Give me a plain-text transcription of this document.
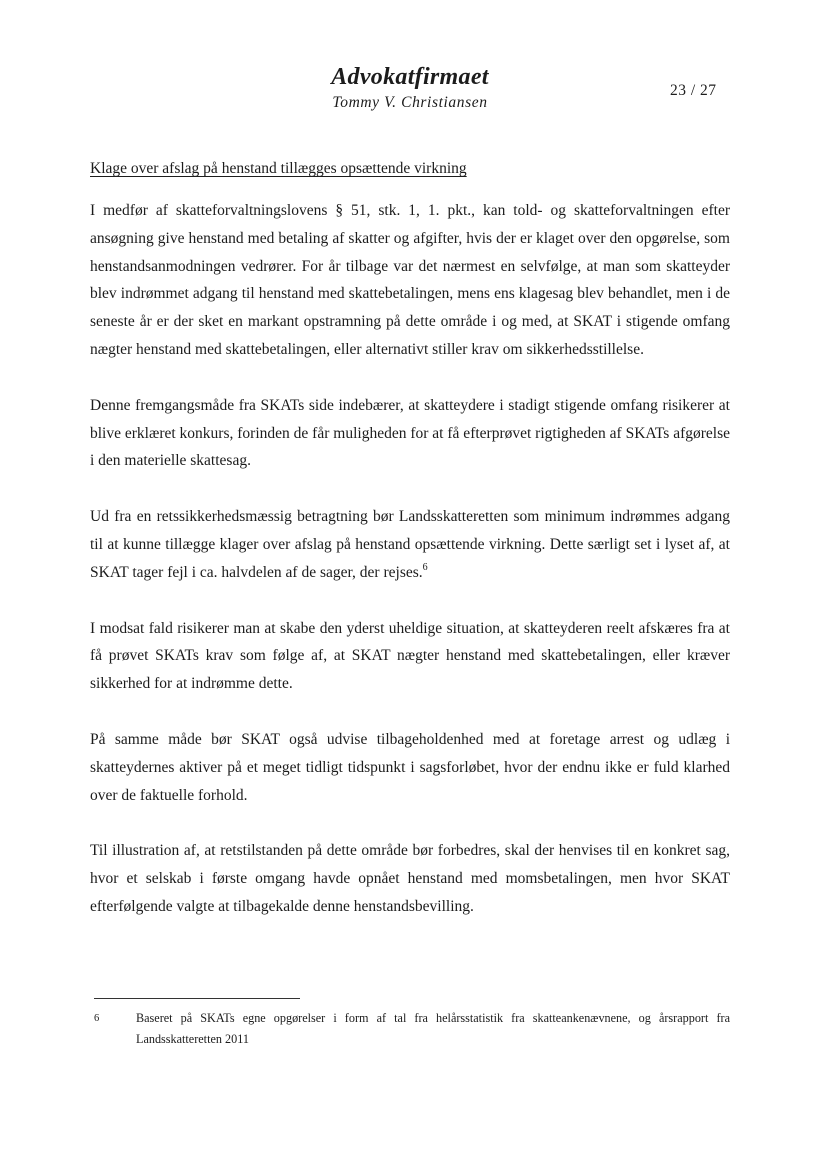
Advokatfirmaet
Tommy V. Christiansen
23 / 27
Klage over afslag på henstand tillægges opsættende virkning

I medfør af skatteforvaltningslovens § 51, stk. 1, 1. pkt., kan told- og skatteforvaltningen efter ansøgning give henstand med betaling af skatter og afgifter, hvis der er klaget over den opgørelse, som henstandsanmodningen vedrører. For år tilbage var det nærmest en selvfølge, at man som skatteyder blev indrømmet adgang til henstand med skattebetalingen, mens ens klagesag blev behandlet, men i de seneste år er der sket en markant opstramning på dette område i og med, at SKAT i stigende omfang nægter henstand med skattebetalingen, eller alternativt stiller krav om sikkerhedsstillelse.

Denne fremgangsmåde fra SKATs side indebærer, at skatteydere i stadigt stigende omfang risikerer at blive erklæret konkurs, forinden de får muligheden for at få efterprøvet rigtigheden af SKATs afgørelse i den materielle skattesag.

Ud fra en retssikkerhedsmæssig betragtning bør Landsskatteretten som minimum indrømmes adgang til at kunne tillægge klager over afslag på henstand opsættende virkning. Dette særligt set i lyset af, at SKAT tager fejl i ca. halvdelen af de sager, der rejses.$^6$

I modsat fald risikerer man at skabe den yderst uheldige situation, at skatteyderen reelt afskæres fra at få prøvet SKATs krav som følge af, at SKAT nægter henstand med skattebetalingen, eller kræver sikkerhed for at indrømme dette.

På samme måde bør SKAT også udvise tilbageholdenhed med at foretage arrest og udlæg i skatteydernes aktiver på et meget tidligt tidspunkt i sagsforløbet, hvor der endnu ikke er fuld klarhed over de faktuelle forhold.

Til illustration af, at retstilstanden på dette område bør forbedres, skal der henvises til en konkret sag, hvor et selskab i første omgang havde opnået henstand med momsbetalingen, men hvor SKAT efterfølgende valgte at tilbagekalde denne henstandsbevilling.

6	Baseret på SKATs egne opgørelser i form af tal fra helårsstatistik fra skatteankenævnene, og årsrapport fra Landsskatteretten 2011
